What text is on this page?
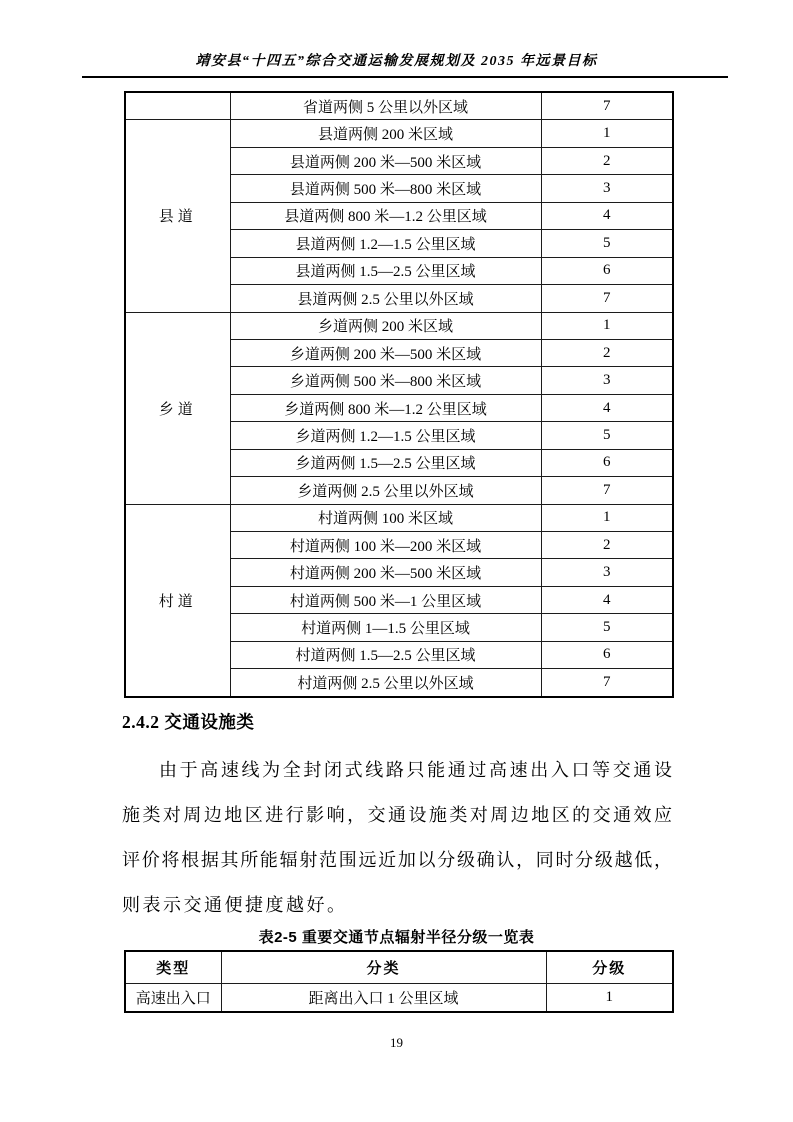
靖安县“十四五”综合交通运输发展规划及 2035 年远景目标
	省道两侧 5 公里以外区域	7
县道	县道两侧 200 米区域	1
	县道两侧 200 米—500 米区域	2
	县道两侧 500 米—800 米区域	3
	县道两侧 800 米—1.2 公里区域	4
	县道两侧 1.2—1.5 公里区域	5
	县道两侧 1.5—2.5 公里区域	6
	县道两侧 2.5 公里以外区域	7
乡道	乡道两侧 200 米区域	1
	乡道两侧 200 米—500 米区域	2
	乡道两侧 500 米—800 米区域	3
	乡道两侧 800 米—1.2 公里区域	4
	乡道两侧 1.2—1.5 公里区域	5
	乡道两侧 1.5—2.5 公里区域	6
	乡道两侧 2.5 公里以外区域	7
村道	村道两侧 100 米区域	1
	村道两侧 100 米—200 米区域	2
	村道两侧 200 米—500 米区域	3
	村道两侧 500 米—1 公里区域	4
	村道两侧 1—1.5 公里区域	5
	村道两侧 1.5—2.5 公里区域	6
	村道两侧 2.5 公里以外区域	7
2.4.2 交通设施类
由于高速线为全封闭式线路只能通过高速出入口等交通设
施类对周边地区进行影响，交通设施类对周边地区的交通效应
评价将根据其所能辐射范围远近加以分级确认，同时分级越低，
则表示交通便捷度越好。
表2-5 重要交通节点辐射半径分级一览表
类型	分类	分级
高速出入口	距离出入口 1 公里区域	1
19
